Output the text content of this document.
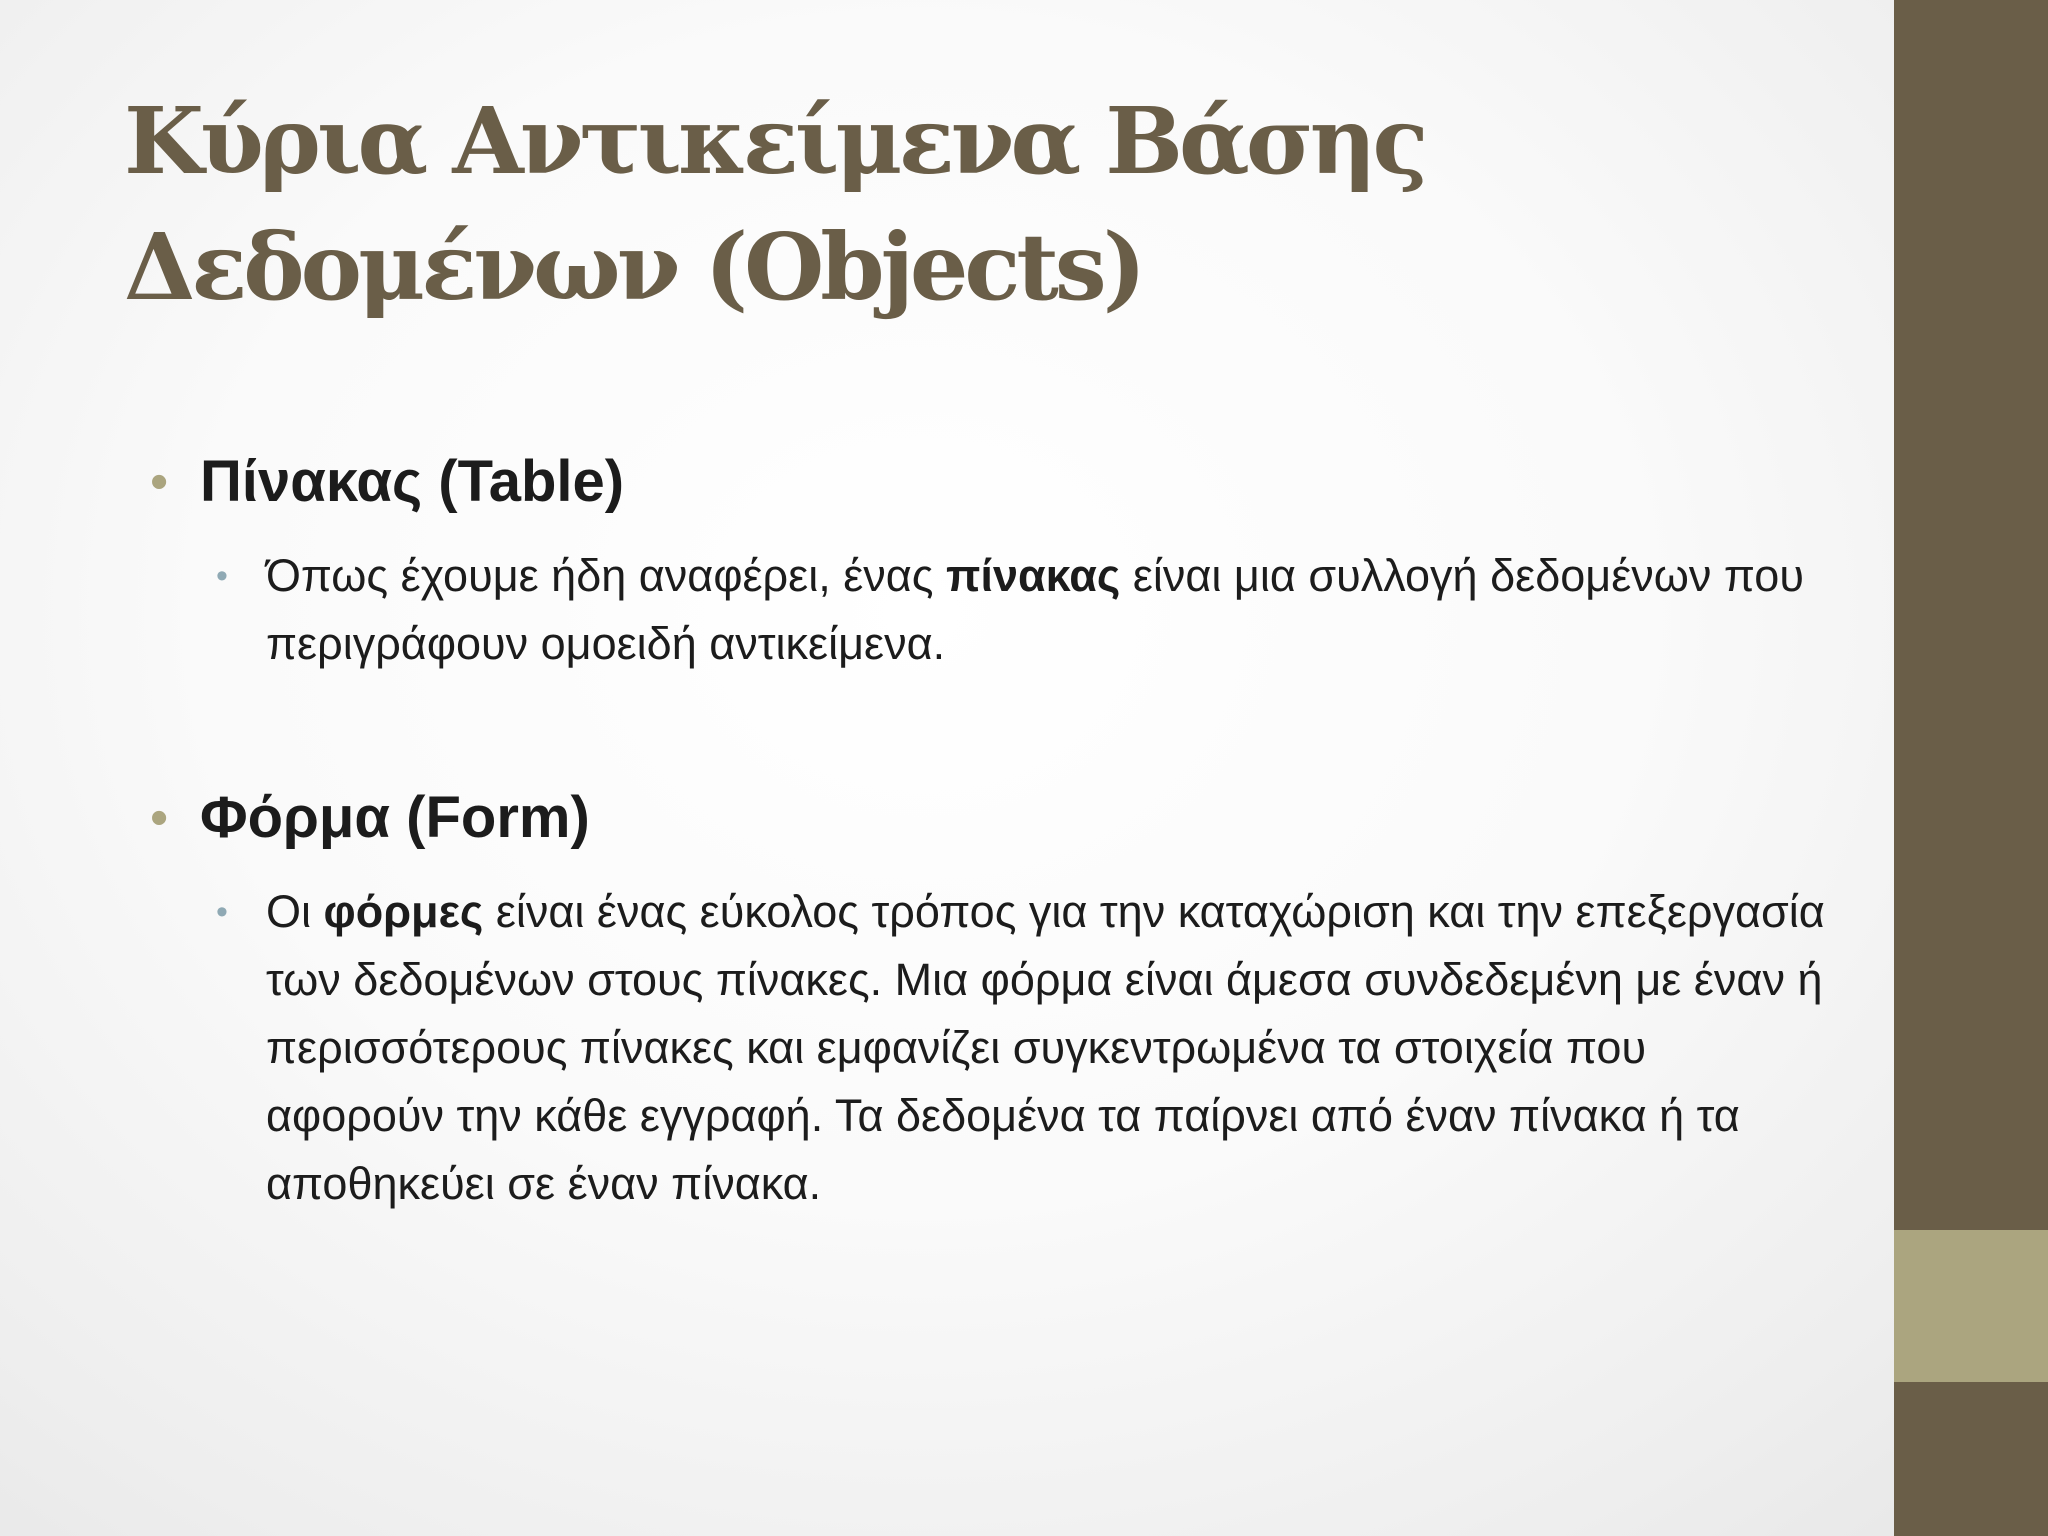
Κύρια Αντικείμενα Βάσης
Δεδομένων (Objects)

• Πίνακας (Table)

• Όπως έχουμε ήδη αναφέρει, ένας πίνακας είναι μια συλλογή δεδομένων που περιγράφουν ομοειδή αντικείμενα.

• Φόρμα (Form)

• Οι φόρμες είναι ένας εύκολος τρόπος για την καταχώριση και την επεξεργασία των δεδομένων στους πίνακες. Μια φόρμα είναι άμεσα συνδεδεμένη με έναν ή περισσότερους πίνακες και εμφανίζει συγκεντρωμένα τα στοιχεία που αφορούν την κάθε εγγραφή. Τα δεδομένα τα παίρνει από έναν πίνακα ή τα αποθηκεύει σε έναν πίνακα.
